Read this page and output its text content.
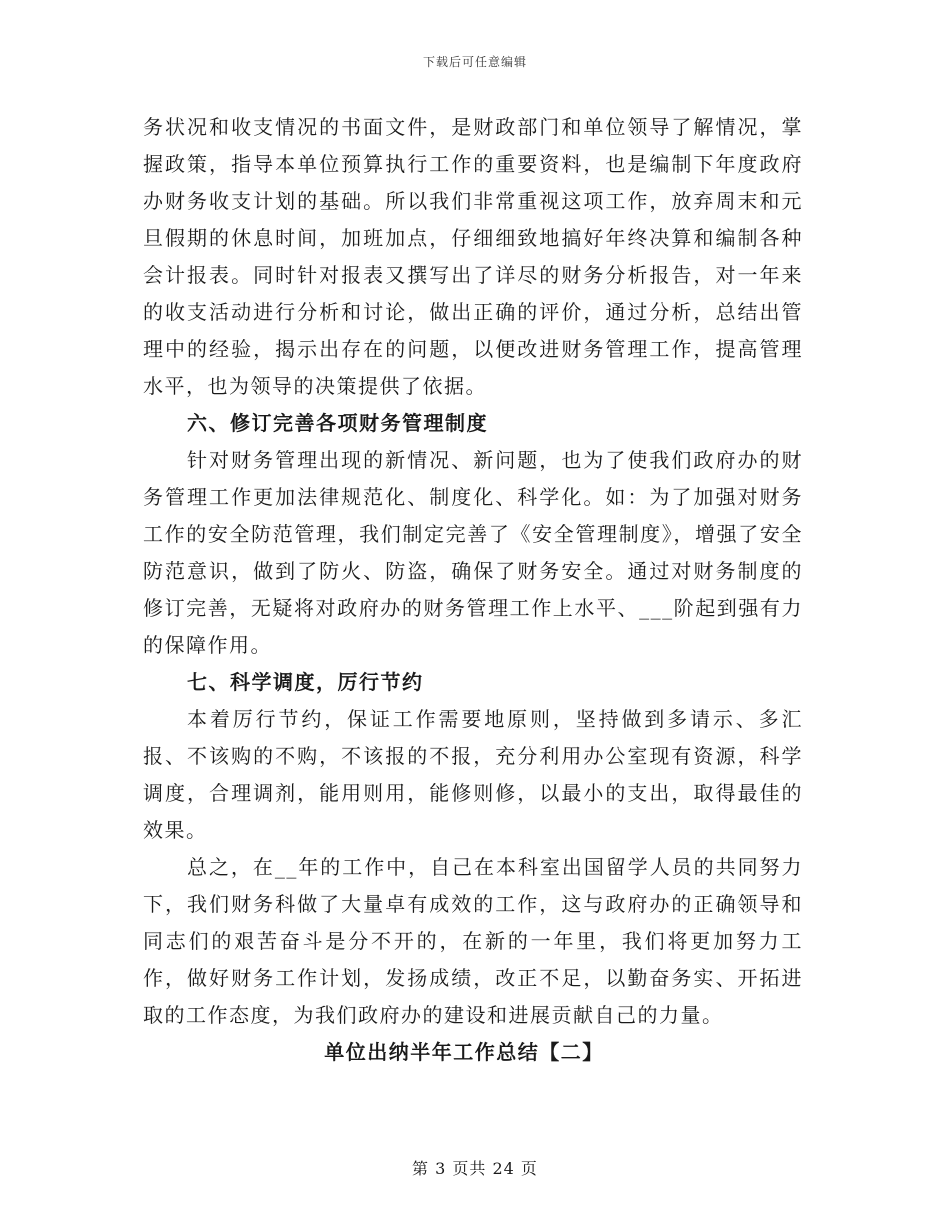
下载后可任意编辑

务状况和收支情况的书面文件，是财政部门和单位领导了解情况，掌握政策，指导本单位预算执行工作的重要资料，也是编制下年度政府办财务收支计划的基础。所以我们非常重视这项工作，放弃周末和元旦假期的休息时间，加班加点，仔细细致地搞好年终决算和编制各种会计报表。同时针对报表又撰写出了详尽的财务分析报告，对一年来的收支活动进行分析和讨论，做出正确的评价，通过分析，总结出管理中的经验，揭示出存在的问题，以便改进财务管理工作，提高管理水平，也为领导的决策提供了依据。

六、修订完善各项财务管理制度

针对财务管理出现的新情况、新问题，也为了使我们政府办的财务管理工作更加法律规范化、制度化、科学化。如：为了加强对财务工作的安全防范管理，我们制定完善了《安全管理制度》，增强了安全防范意识，做到了防火、防盗，确保了财务安全。通过对财务制度的修订完善，无疑将对政府办的财务管理工作上水平、___阶起到强有力的保障作用。

七、科学调度，厉行节约

本着厉行节约，保证工作需要地原则，坚持做到多请示、多汇报、不该购的不购，不该报的不报，充分利用办公室现有资源，科学调度，合理调剂，能用则用，能修则修，以最小的支出，取得最佳的效果。

总之，在__年的工作中，自己在本科室出国留学人员的共同努力下，我们财务科做了大量卓有成效的工作，这与政府办的正确领导和同志们的艰苦奋斗是分不开的，在新的一年里，我们将更加努力工作，做好财务工作计划，发扬成绩，改正不足，以勤奋务实、开拓进取的工作态度，为我们政府办的建设和进展贡献自己的力量。

单位出纳半年工作总结【二】

第 3 页共 24 页
